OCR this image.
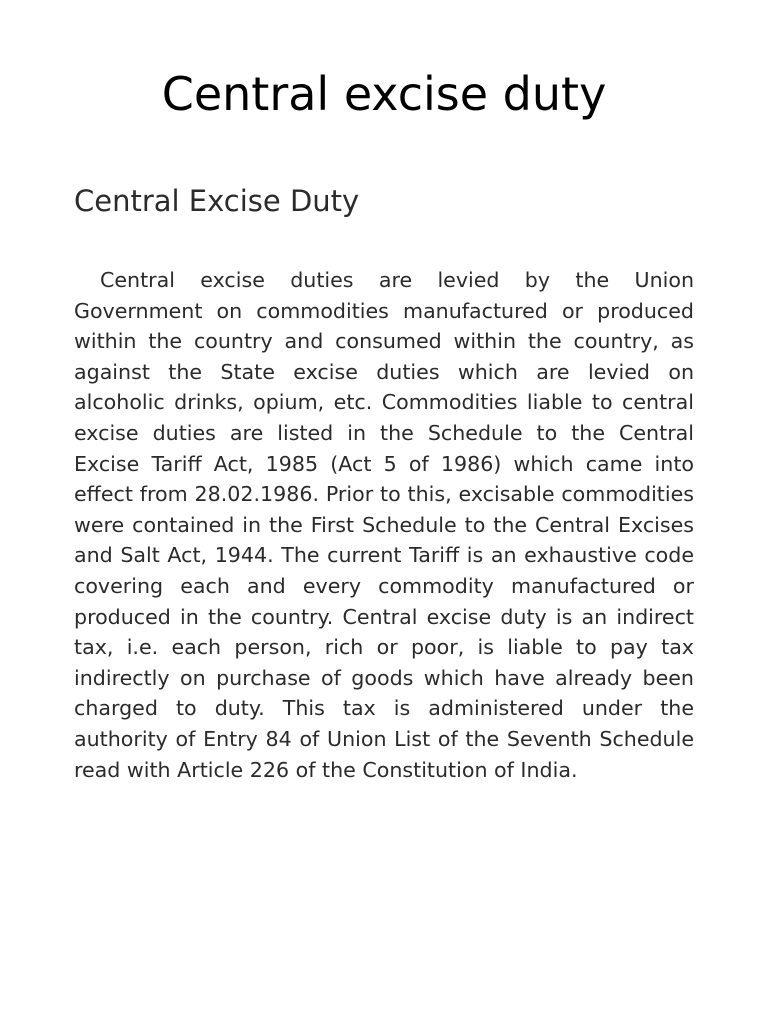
Central excise duty
Central Excise Duty

Central excise duties are levied by the Union Government on commodities manufactured or produced within the country and consumed within the country, as against the State excise duties which are levied on alcoholic drinks, opium, etc. Commodities liable to central excise duties are listed in the Schedule to the Central Excise Tariff Act, 1985 (Act 5 of 1986) which came into effect from 28.02.1986. Prior to this, excisable commodities were contained in the First Schedule to the Central Excises and Salt Act, 1944. The current Tariff is an exhaustive code covering each and every commodity manufactured or produced in the country. Central excise duty is an indirect tax, i.e. each person, rich or poor, is liable to pay tax indirectly on purchase of goods which have already been charged to duty. This tax is administered under the authority of Entry 84 of Union List of the Seventh Schedule read with Article 226 of the Constitution of India.
